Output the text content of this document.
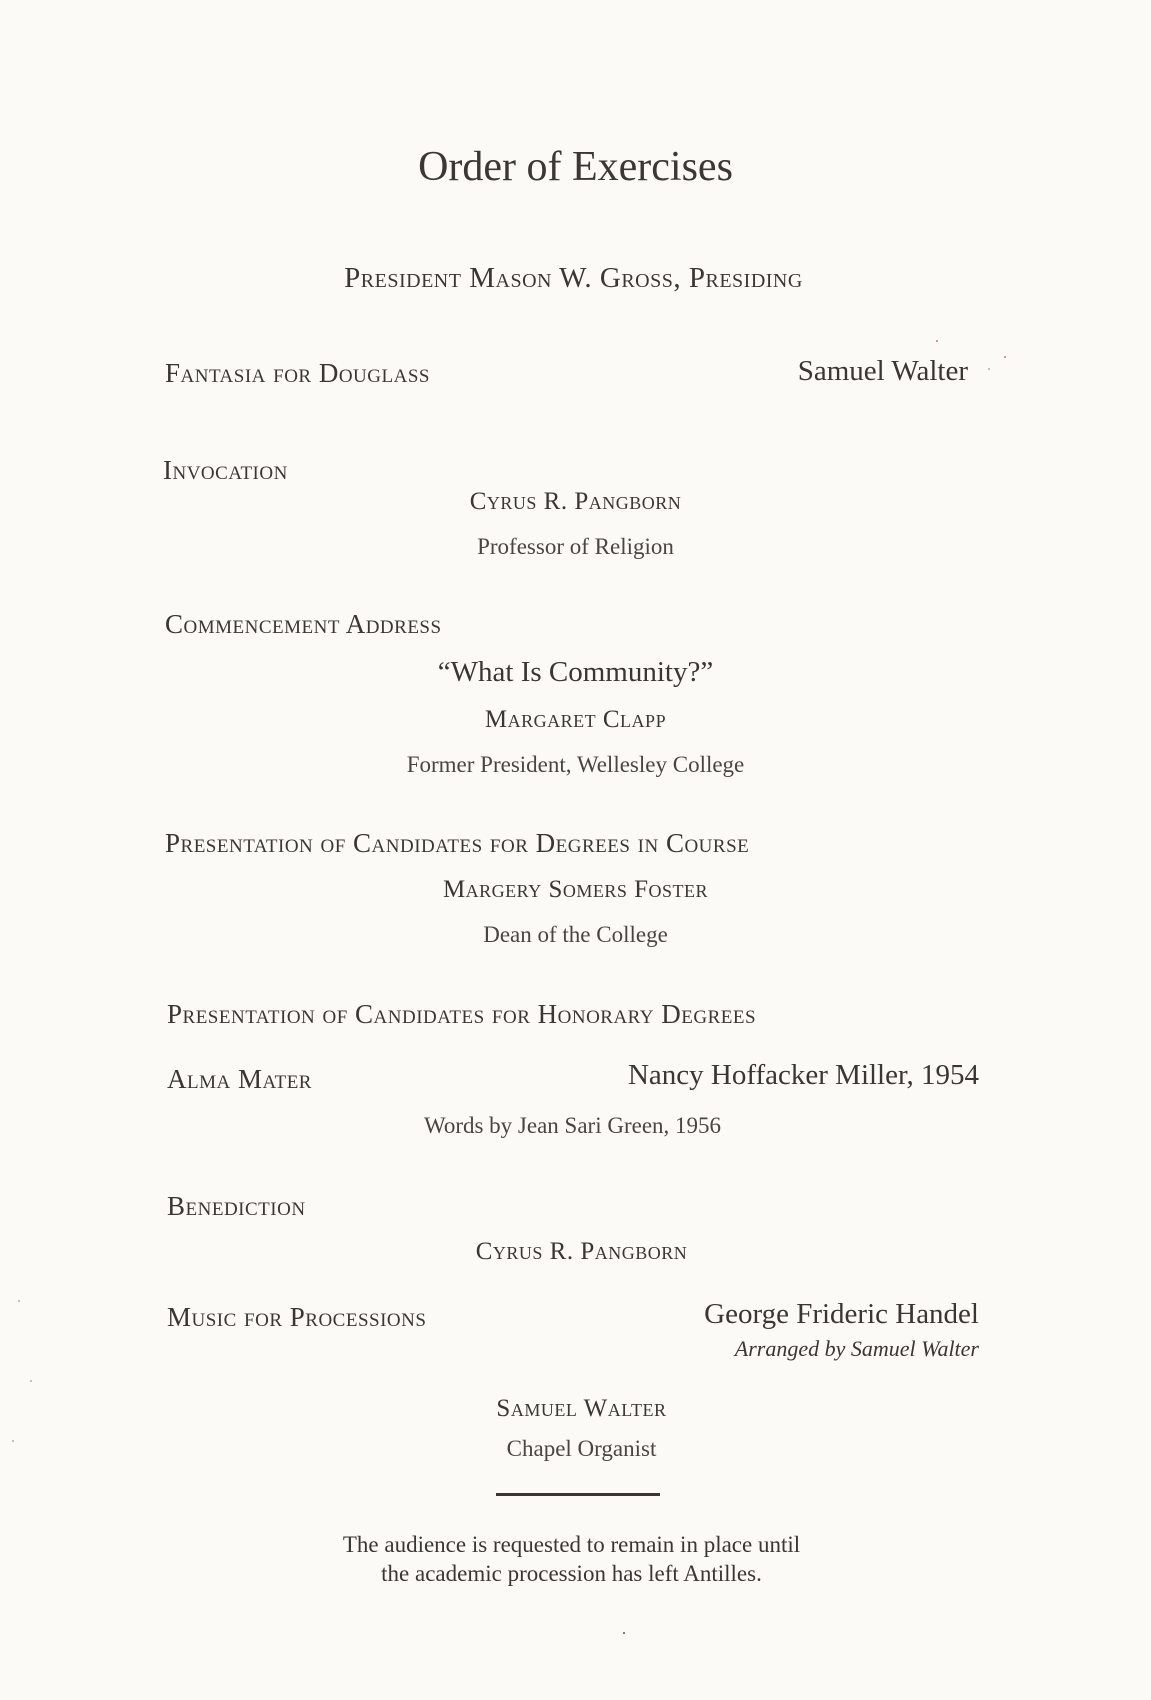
Order of Exercises
President Mason W. Gross, Presiding
Fantasia for Douglass	Samuel Walter
Invocation
Cyrus R. Pangborn
Professor of Religion
Commencement Address
“What Is Community?”
Margaret Clapp
Former President, Wellesley College
Presentation of Candidates for Degrees in Course
Margery Somers Foster
Dean of the College
Presentation of Candidates for Honorary Degrees
Alma Mater	Nancy Hoffacker Miller, 1954
Words by Jean Sari Green, 1956
Benediction
Cyrus R. Pangborn
Music for Processions	George Frideric Handel
Arranged by Samuel Walter
Samuel Walter
Chapel Organist
The audience is requested to remain in place until
the academic procession has left Antilles.
